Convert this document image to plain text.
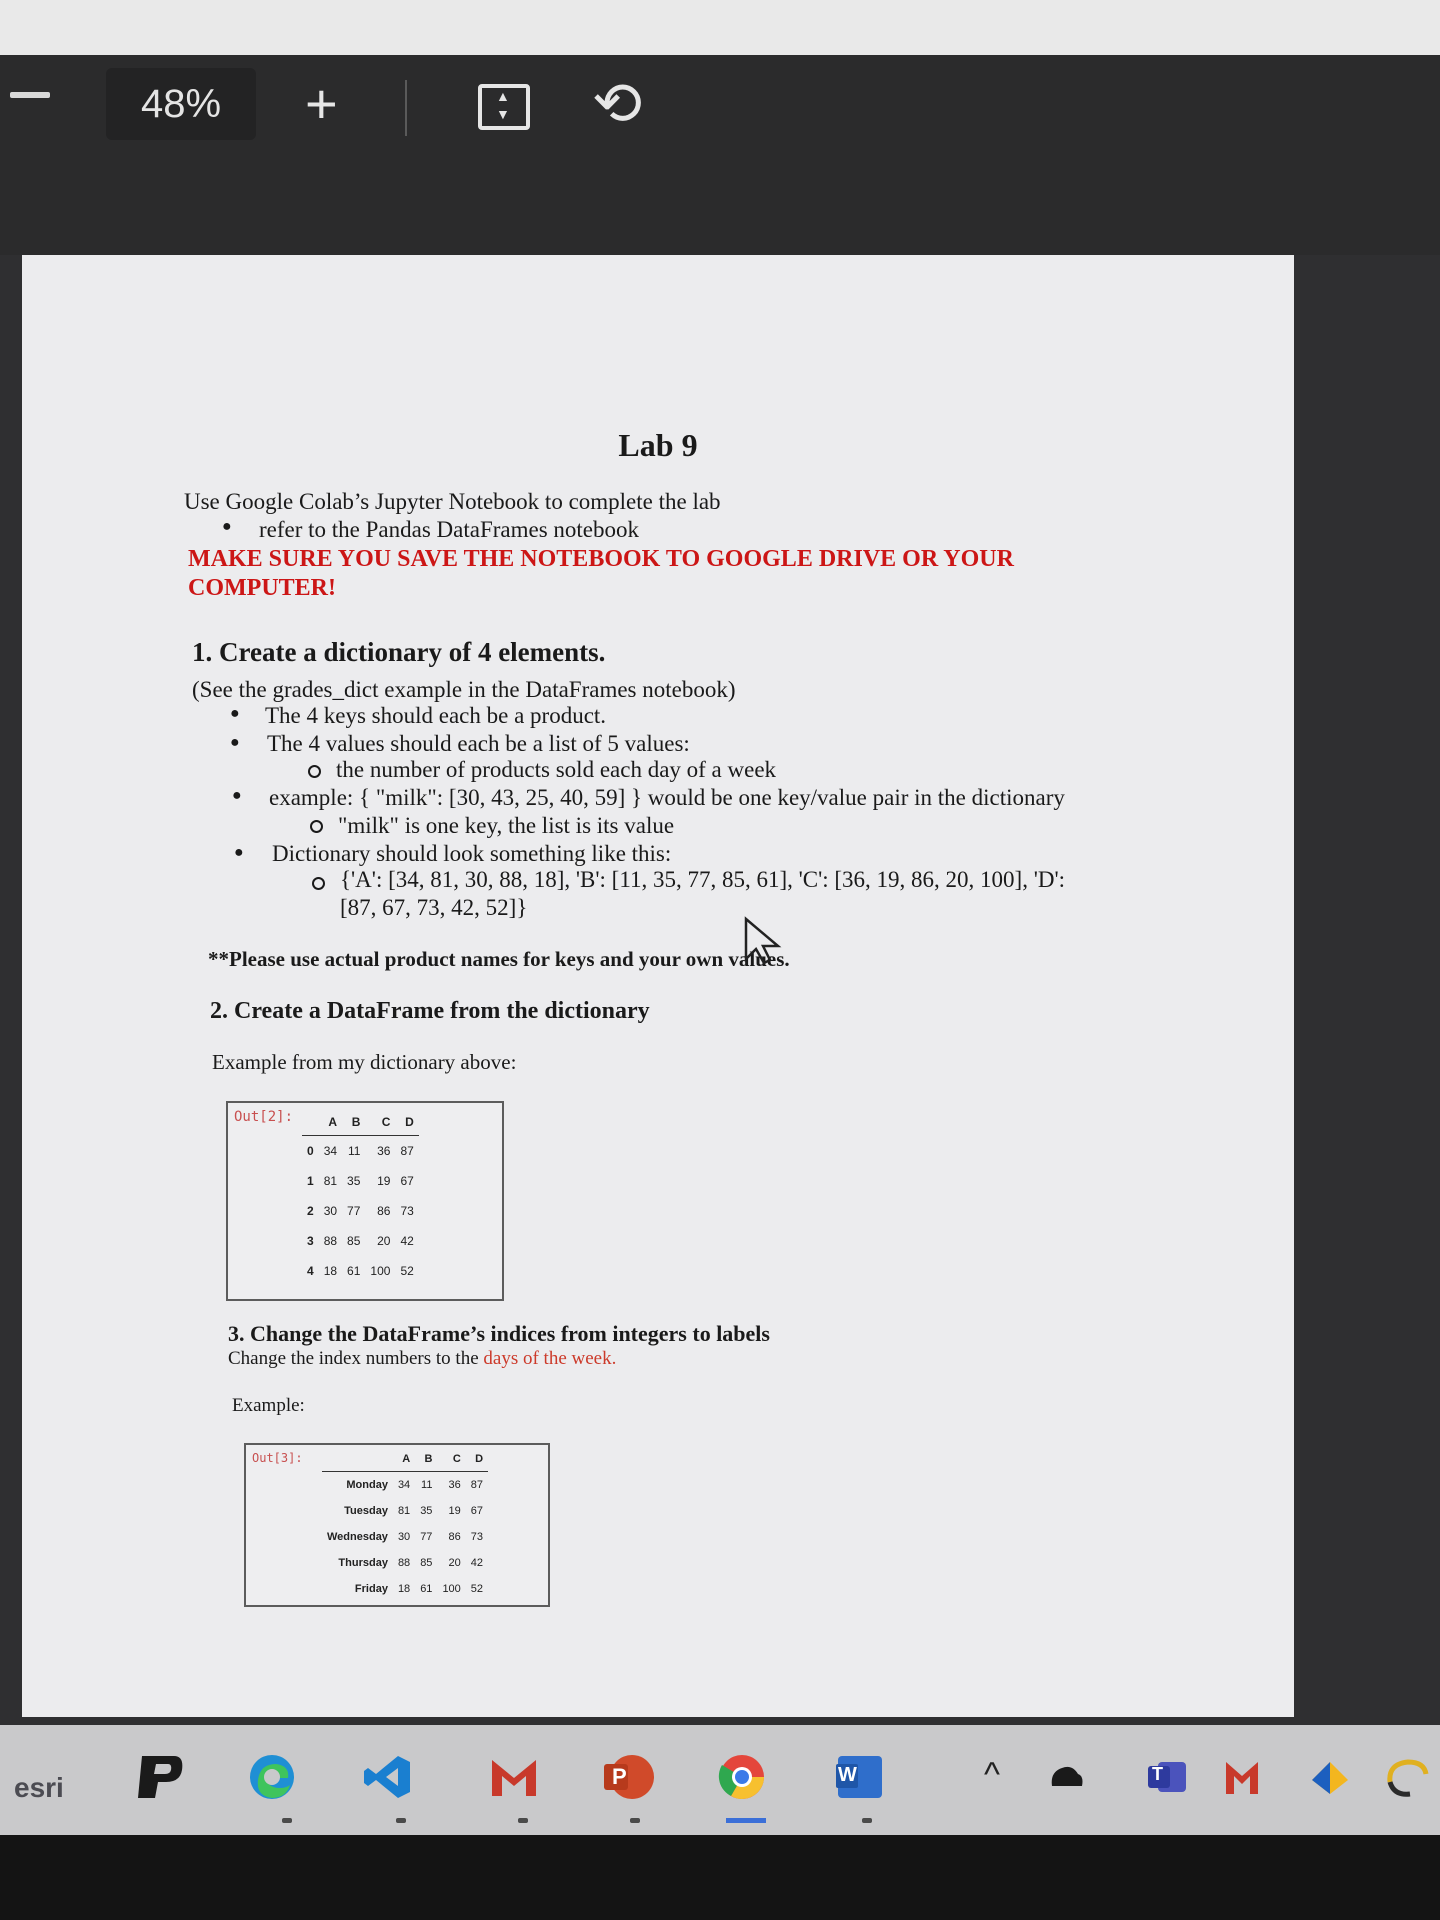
48%	+ ▲ ▼	⟲
Lab 9
Use Google Colab’s Jupyter Notebook to complete the lab
● refer to the Pandas DataFrames notebook
MAKE SURE YOU SAVE THE NOTEBOOK TO GOOGLE DRIVE OR YOUR
COMPUTER!
1. Create a dictionary of 4 elements.
(See the grades_dict example in the DataFrames notebook)
● The 4 keys should each be a product.
● The 4 values should each be a list of 5 values:
the number of products sold each day of a week
● example: { "milk": [30, 43, 25, 40, 59] } would be one key/value pair in the dictionary
"milk" is one key, the list is its value
● Dictionary should look something like this:
{'A': [34, 81, 30, 88, 18], 'B': [11, 35, 77, 85, 61], 'C': [36, 19, 86, 20, 100], 'D':
[87, 67, 73, 42, 52]}
**Please use actual product names for keys and your own values.
2. Create a DataFrame from the dictionary
Example from my dictionary above:
Out[2]:
		A	B	C	D
0	34	11	36	87
1	81	35	19	67
2	30	77	86	73
3	88	85	20	42
4	18	61	100	52
3. Change the DataFrame’s indices from integers to labels
Change the index numbers to the days of the week.
Example:
Out[3]:
		A	B	C	D
Monday	34	11	36	87
Tuesday	81	35	19	67
Wednesday	30	77	86	73
Thursday	88	85	20	42
Friday	18	61	100	52
esri	P	W	^	T
